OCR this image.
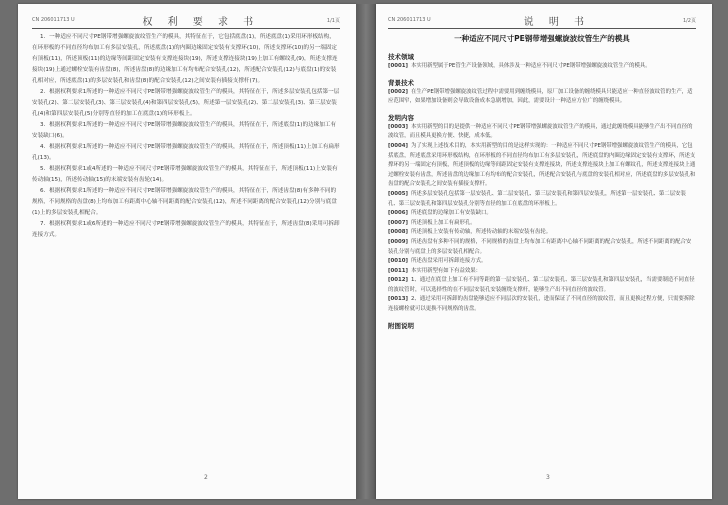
CN 206011713 U	权 利 要 求 书	1/1页

1．一种适应不同尺寸PE钢带增强螺旋波纹管生产的模具，其特征在于，它包括底盘(1)，所述底盘(1)采用环形板结构，在环形板的不同直径均布加工有多层安装孔，所述底盘(1)的内圈边缘固定安装有支撑环(10)，所述支撑环(10)的另一端固定有顶板(11)，所述顶板(11)的边缘等间距固定安装有支撑连接块(19)，所述支撑连接块(19)上加工有螺纹孔(9)，所述支撑连接块(19)上通过螺栓安装有齿盘(8)，所述齿盘(8)的边缘加工有均布配合安装孔(12)，所述配合安装孔(12)与底盘(1)的安装孔相对应，所述底盘(1)的多层安装孔和齿盘(8)的配合安装孔(12)之间安装有插接支撑杆(7)。

2．根据权利要求1所述的一种适应不同尺寸PE钢带增强螺旋波纹管生产的模具，其特征在于，所述多层安装孔包括第一层安装孔(2)、第二层安装孔(3)、第三层安装孔(4)和第四层安装孔(5)，所述第一层安装孔(2)、第二层安装孔(3)、第三层安装孔(4)和第四层安装孔(5)分别等直径的加工在底盘(1)的环形板上。

3．根据权利要求1所述的一种适应不同尺寸PE钢带增强螺旋波纹管生产的模具，其特征在于，所述底盘(1)的边缘加工有安装缺口(6)。

4．根据权利要求1所述的一种适应不同尺寸PE钢带增强螺旋波纹管生产的模具，其特征在于，所述顶板(11)上加工有扁形孔(13)。

5．根据权利要求1或4所述的一种适应不同尺寸PE钢带增强螺旋波纹管生产的模具，其特征在于，所述顶板(11)上安装有传动轴(15)，所述传动轴(15)的末端安装有齿轮(14)。

6．根据权利要求1所述的一种适应不同尺寸PE钢带增强螺旋波纹管生产的模具，其特征在于，所述齿盘(8)有多种不同的规格，不同规格的齿盘(8)上均布加工有距离中心轴不同距离的配合安装孔(12)，所述不同距离的配合安装孔(12)分别与底盘(1)上的多层安装孔相配合。

7．根据权利要求1或6所述的一种适应不同尺寸PE钢带增强螺旋波纹管生产的模具，其特征在于，所述齿盘(8)采用可拆卸连接方式。

2
CN 206011713 U	说 明 书	1/2页
一种适应不同尺寸PE钢带增强螺旋波纹管生产的模具
技术领域

[0001] 本实用新型属于PE管生产设备领域，具体涉及一种适应不同尺寸PE钢带增强螺旋波纹管生产的模具。

背景技术

[0002] 在生产PE钢带增强螺旋波纹管过程中需要用到缠绕模具，原厂加工设备的缠绕模具只能适应一种直径波纹管的生产，适应范围窄，如果增加设备则会导致设备成本急剧增加，因此，需要设计一种适应方位广的缠绕模具。

发明内容

[0003] 本实用新型的目的是提供一种适应不同尺寸PE钢带增强螺旋波纹管生产的模具，通过此缠绕模具能够生产出不同直径的波纹管，而且模具更换方便、快捷，成本低。

[0004] 为了实现上述技术目的，本实用新型的目的是这样实现的：一种适应不同尺寸PE钢带增强螺旋波纹管生产的模具，它包括底盘，所述底盘采用环形板结构，在环形板的不同直径均布加工有多层安装孔，所述底盘的内圈边缘固定安装有支撑环，所述支撑环的另一端固定有顶板，所述顶板的边缘等间距固定安装有支撑连接块，所述支撑连接块上加工有螺纹孔，所述支撑连接块上通过螺栓安装有齿盘，所述齿盘的边缘加工有均布的配合安装孔，所述配合安装孔与底盘的安装孔相对应，所述底盘的多层安装孔和齿盘的配合安装孔之间安装有插接支撑杆。

[0005] 所述多层安装孔包括第一层安装孔、第二层安装孔、第三层安装孔和第四层安装孔，所述第一层安装孔、第二层安装孔、第三层安装孔和第四层安装孔分别等直径的加工在底盘的环形板上。

[0006] 所述底盘的边缘加工有安装缺口。

[0007] 所述顶板上加工有扁形孔。

[0008] 所述顶板上安装有传动轴，所述传动轴的末端安装有齿轮。

[0009] 所述齿盘有多种不同的规格，不同规格的齿盘上均布加工有距离中心轴不同距离的配合安装孔，所述不同距离的配合安装孔分别与底盘上的多层安装孔相配合。

[0010] 所述齿盘采用可拆卸连接方式。

[0011] 本实用新型有如下有益效果：

[0012] 1、通过在底盘上加工有不同等距的第一层安装孔、第二层安装孔、第三层安装孔和第四层安装孔，当需要制造不同直径的波纹管时，可以选择性的在不同层安装孔安装缠绕支撑杆，能够生产出不同直径的波纹管。

[0013] 2、通过采用可拆卸的齿盘能够适应不同层次的安装孔，进而保证了不同直径的波纹管，而且更换过程方便，只需要拆除连接螺栓就可以更换不同规格的齿盘。

附图说明
3
